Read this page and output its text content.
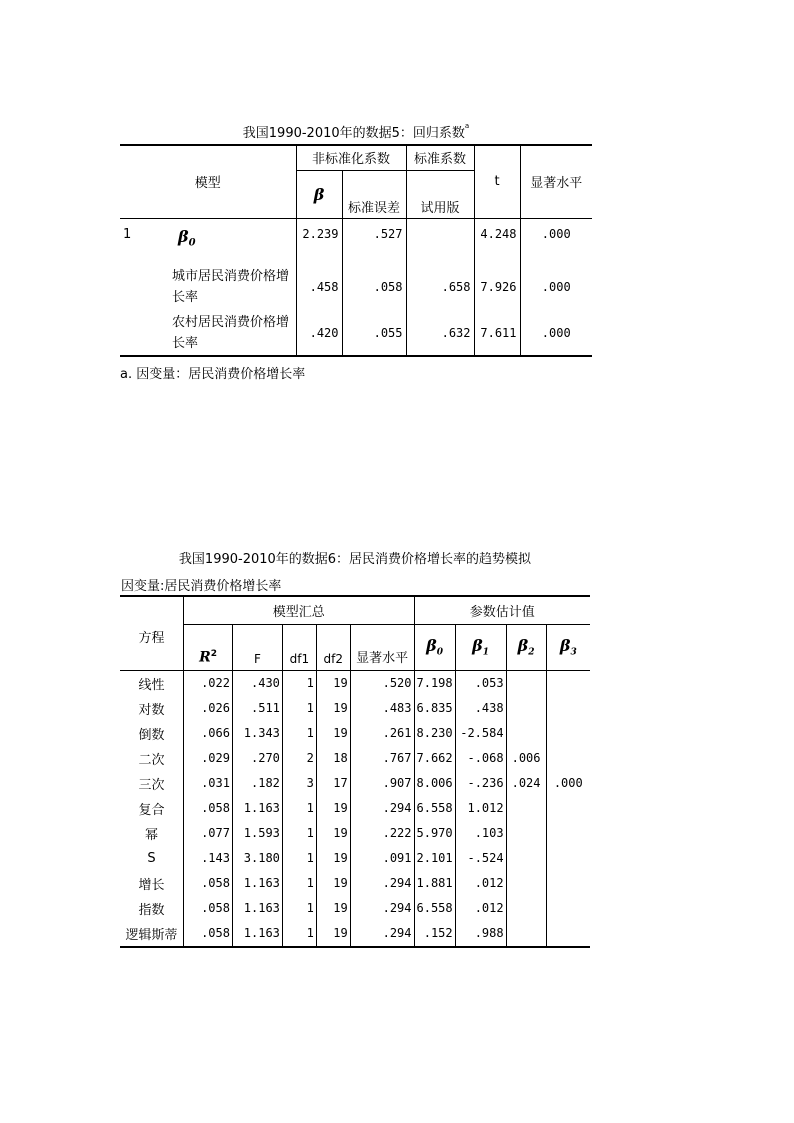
我国1990-2010年的数据5：回归系数$^a$
模型		非标准化系数		标准系数	t	显著水平
		β	标准误差	试用版		
1	$\beta_0$	2.239	.527		4.248	.000
	城市居民消费价格增长率	.458	.058	.658	7.926	.000
	农村居民消费价格增长率	.420	.055	.632	7.611	.000
a. 因变量：居民消费价格增长率
我国1990-2010年的数据6：居民消费价格增长率的趋势模拟
因变量:居民消费价格增长率
方程	模型汇总					参数估计值			
	$R^2$	F	df1	df2	显著水平	$\beta_0$	$\beta_1$	$\beta_2$	$\beta_3$
线性	.022	.430	1	19	.520	7.198	.053		
对数	.026	.511	1	19	.483	6.835	.438		
倒数	.066	1.343	1	19	.261	8.230	-2.584		
二次	.029	.270	2	18	.767	7.662	-.068	.006	
三次	.031	.182	3	17	.907	8.006	-.236	.024	.000
复合	.058	1.163	1	19	.294	6.558	1.012		
幂	.077	1.593	1	19	.222	5.970	.103		
S	.143	3.180	1	19	.091	2.101	-.524		
增长	.058	1.163	1	19	.294	1.881	.012		
指数	.058	1.163	1	19	.294	6.558	.012		
逻辑斯蒂	.058	1.163	1	19	.294	.152	.988		
